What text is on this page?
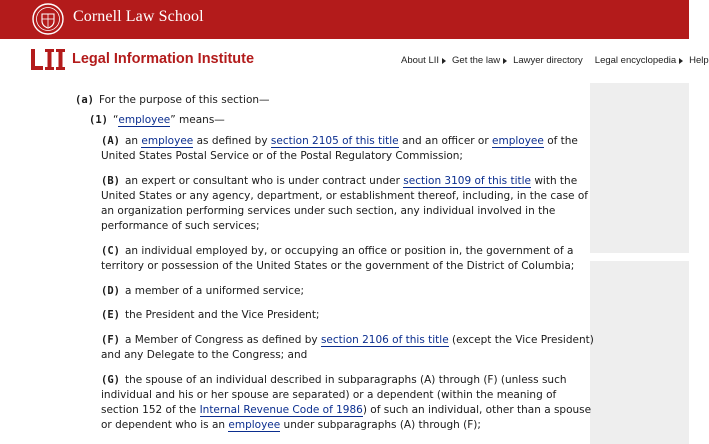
Cornell Law School
Legal Information Institute	About LII Get the law Lawyer directory Legal encyclopedia Help
(a) For the purpose of this section—
(1) “employee” means—
(A) an employee as defined by section 2105 of this title and an officer or employee of the
United States Postal Service or of the Postal Regulatory Commission;
(B) an expert or consultant who is under contract under section 3109 of this title with the
United States or any agency, department, or establishment thereof, including, in the case of
an organization performing services under such section, any individual involved in the
performance of such services;
(C) an individual employed by, or occupying an office or position in, the government of a
territory or possession of the United States or the government of the District of Columbia;
(D) a member of a uniformed service;
(E) the President and the Vice President;
(F) a Member of Congress as defined by section 2106 of this title (except the Vice President)
and any Delegate to the Congress; and
(G) the spouse of an individual described in subparagraphs (A) through (F) (unless such
individual and his or her spouse are separated) or a dependent (within the meaning of
section 152 of the Internal Revenue Code of 1986) of such an individual, other than a spouse
or dependent who is an employee under subparagraphs (A) through (F);
